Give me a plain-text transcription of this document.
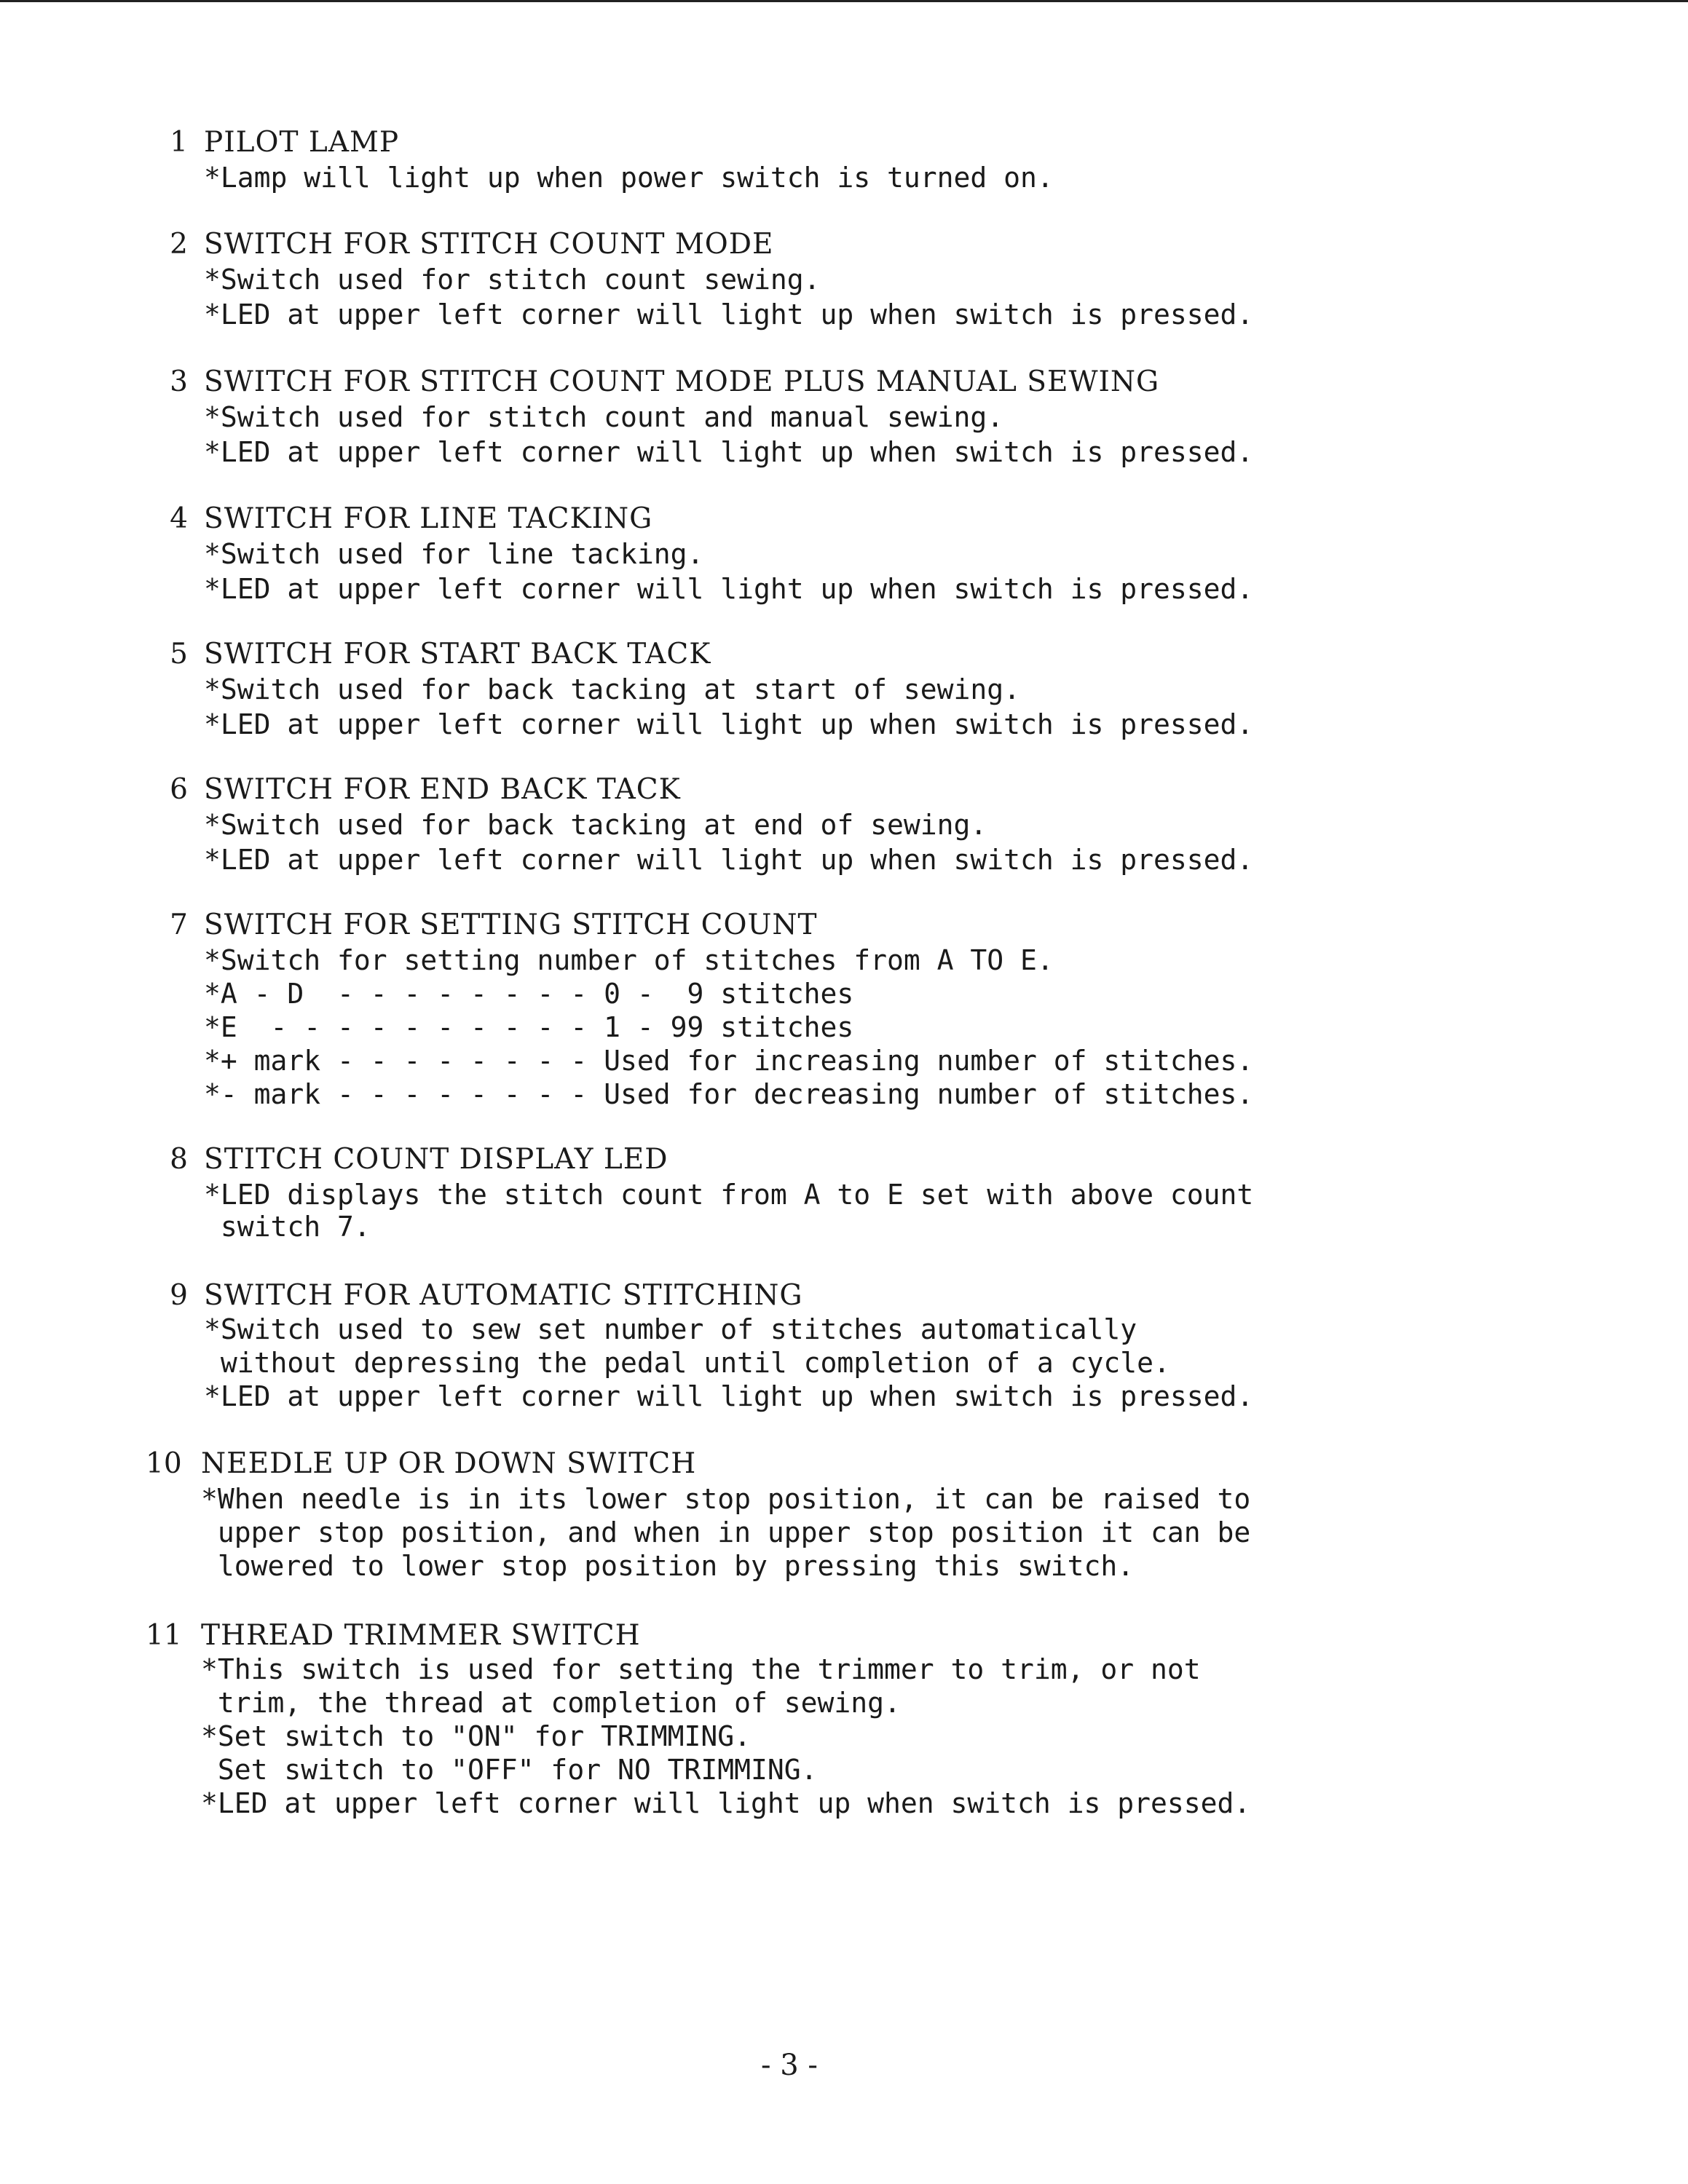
1 PILOT LAMP
*Lamp will light up when power switch is turned on.
2 SWITCH FOR STITCH COUNT MODE
*Switch used for stitch count sewing.
*LED at upper left corner will light up when switch is pressed.
3 SWITCH FOR STITCH COUNT MODE PLUS MANUAL SEWING
*Switch used for stitch count and manual sewing.
*LED at upper left corner will light up when switch is pressed.
4 SWITCH FOR LINE TACKING
*Switch used for line tacking.
*LED at upper left corner will light up when switch is pressed.
5 SWITCH FOR START BACK TACK
*Switch used for back tacking at start of sewing.
*LED at upper left corner will light up when switch is pressed.
6 SWITCH FOR END BACK TACK
*Switch used for back tacking at end of sewing.
*LED at upper left corner will light up when switch is pressed.
7 SWITCH FOR SETTING STITCH COUNT
*Switch for setting number of stitches from A TO E.
*A - D  - - - - - - - - 0 -  9 stitches
*E  - - - - - - - - - - 1 - 99 stitches
*+ mark - - - - - - - - Used for increasing number of stitches.
*- mark - - - - - - - - Used for decreasing number of stitches.
8 STITCH COUNT DISPLAY LED
*LED displays the stitch count from A to E set with above count
switch 7.
9 SWITCH FOR AUTOMATIC STITCHING
*Switch used to sew set number of stitches automatically
without depressing the pedal until completion of a cycle.
*LED at upper left corner will light up when switch is pressed.
10 NEEDLE UP OR DOWN SWITCH
*When needle is in its lower stop position, it can be raised to
upper stop position, and when in upper stop position it can be
lowered to lower stop position by pressing this switch.
11 THREAD TRIMMER SWITCH
*This switch is used for setting the trimmer to trim, or not
trim, the thread at completion of sewing.
*Set switch to "ON" for TRIMMING.
Set switch to "OFF" for NO TRIMMING.
*LED at upper left corner will light up when switch is pressed.
- 3 -
